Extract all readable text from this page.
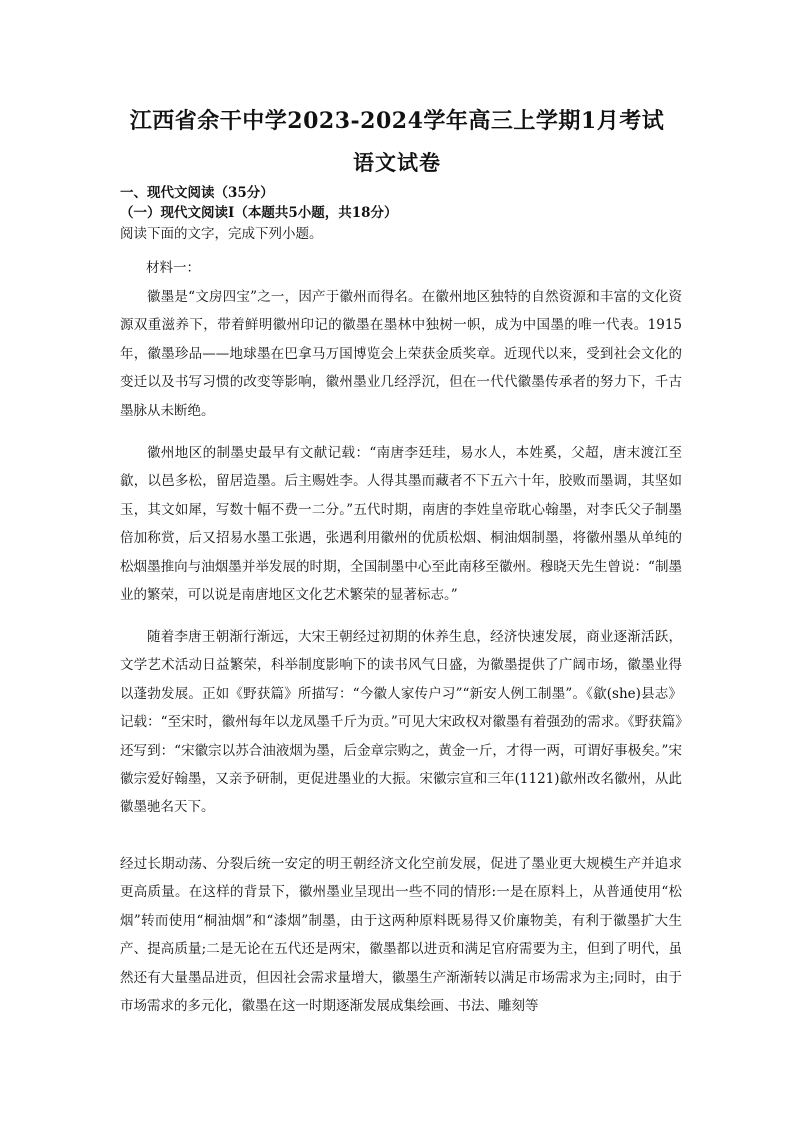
江西省余干中学2023-2024学年高三上学期1月考试
语文试卷
一、现代文阅读（35分）
（一）现代文阅读Ⅰ（本题共5小题，共18分）
阅读下面的文字，完成下列小题。

材料一：

徽墨是“文房四宝”之一，因产于徽州而得名。在徽州地区独特的自然资源和丰富的文化资源双重滋养下，带着鲜明徽州印记的徽墨在墨林中独树一帜，成为中国墨的唯一代表。1915年，徽墨珍品——地球墨在巴拿马万国博览会上荣获金质奖章。近现代以来，受到社会文化的变迁以及书写习惯的改变等影响，徽州墨业几经浮沉，但在一代代徽墨传承者的努力下，千古墨脉从未断绝。

徽州地区的制墨史最早有文献记载：“南唐李廷珪，易水人，本姓奚，父超，唐末渡江至歙，以邑多松，留居造墨。后主赐姓李。人得其墨而藏者不下五六十年，胶败而墨调，其坚如玉，其文如犀，写数十幅不费一二分。”五代时期，南唐的李姓皇帝耽心翰墨，对李氏父子制墨倍加称赏，后又招易水墨工张遇，张遇利用徽州的优质松烟、桐油烟制墨，将徽州墨从单纯的松烟墨推向与油烟墨并举发展的时期，全国制墨中心至此南移至徽州。穆晓天先生曾说：“制墨业的繁荣，可以说是南唐地区文化艺术繁荣的显著标志。”

随着李唐王朝渐行渐远，大宋王朝经过初期的休养生息，经济快速发展，商业逐渐活跃，文学艺术活动日益繁荣，科举制度影响下的读书风气日盛，为徽墨提供了广阔市场，徽墨业得以蓬勃发展。正如《野获篇》所描写：“今徽人家传户习”“新安人例工制墨”。《歙(she)县志》记载：“至宋时，徽州每年以龙凤墨千斤为贡。”可见大宋政权对徽墨有着强劲的需求。《野获篇》还写到：“宋徽宗以苏合油液烟为墨，后金章宗购之，黄金一斤，才得一两，可谓好事极矣。”宋徽宗爱好翰墨，又亲予研制，更促进墨业的大振。宋徽宗宣和三年(1121)歙州改名徽州，从此徽墨驰名天下。

经过长期动荡、分裂后统一安定的明王朝经济文化空前发展，促进了墨业更大规模生产并追求更高质量。在这样的背景下，徽州墨业呈现出一些不同的情形:一是在原料上，从普通使用“松烟”转而使用“桐油烟”和“漆烟”制墨，由于这两种原料既易得又价廉物美，有利于徽墨扩大生产、提高质量;二是无论在五代还是两宋，徽墨都以进贡和满足官府需要为主，但到了明代，虽然还有大量墨品进贡，但因社会需求量增大，徽墨生产渐渐转以满足市场需求为主;同时，由于市场需求的多元化，徽墨在这一时期逐渐发展成集绘画、书法、雕刻等
